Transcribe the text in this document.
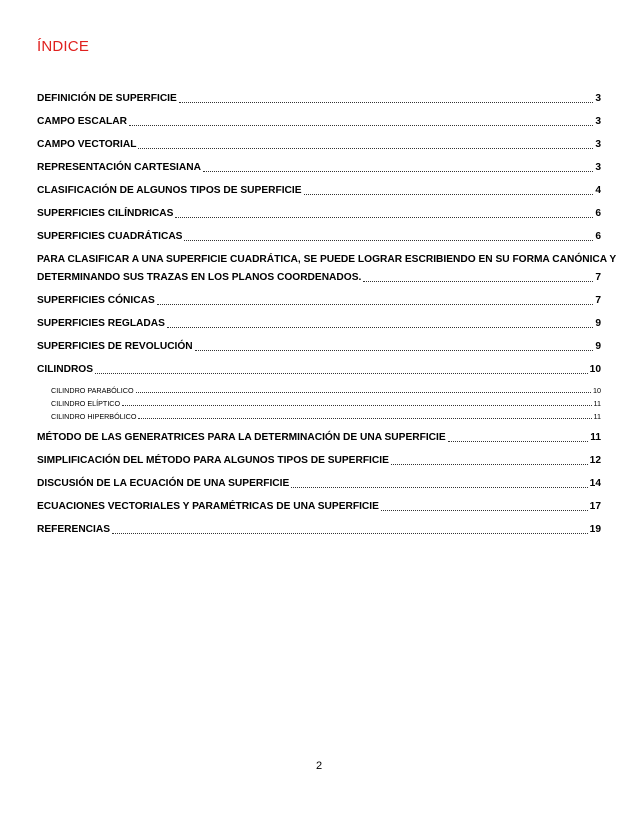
ÍNDICE
DEFINICIÓN DE SUPERFICIE	3
CAMPO ESCALAR	3
CAMPO VECTORIAL	3
REPRESENTACIÓN CARTESIANA	3
CLASIFICACIÓN DE ALGUNOS TIPOS DE SUPERFICIE	4
SUPERFICIES CILÍNDRICAS	6
SUPERFICIES CUADRÁTICAS	6
PARA CLASIFICAR A UNA SUPERFICIE CUADRÁTICA, SE PUEDE LOGRAR ESCRIBIENDO EN SU FORMA CANÓNICA Y
DETERMINANDO SUS TRAZAS EN LOS PLANOS COORDENADOS.	7
SUPERFICIES CÓNICAS	7
SUPERFICIES REGLADAS	9
SUPERFICIES DE REVOLUCIÓN	9
CILINDROS	10
CILINDRO PARABÓLICO	10
CILINDRO ELÍPTICO	11
CILINDRO HIPERBÓLICO	11
MÉTODO DE LAS GENERATRICES PARA LA DETERMINACIÓN DE UNA SUPERFICIE	11
SIMPLIFICACIÓN DEL MÉTODO PARA ALGUNOS TIPOS DE SUPERFICIE	12
DISCUSIÓN DE LA ECUACIÓN DE UNA SUPERFICIE	14
ECUACIONES VECTORIALES Y PARAMÉTRICAS DE UNA SUPERFICIE	17
REFERENCIAS	19
2
